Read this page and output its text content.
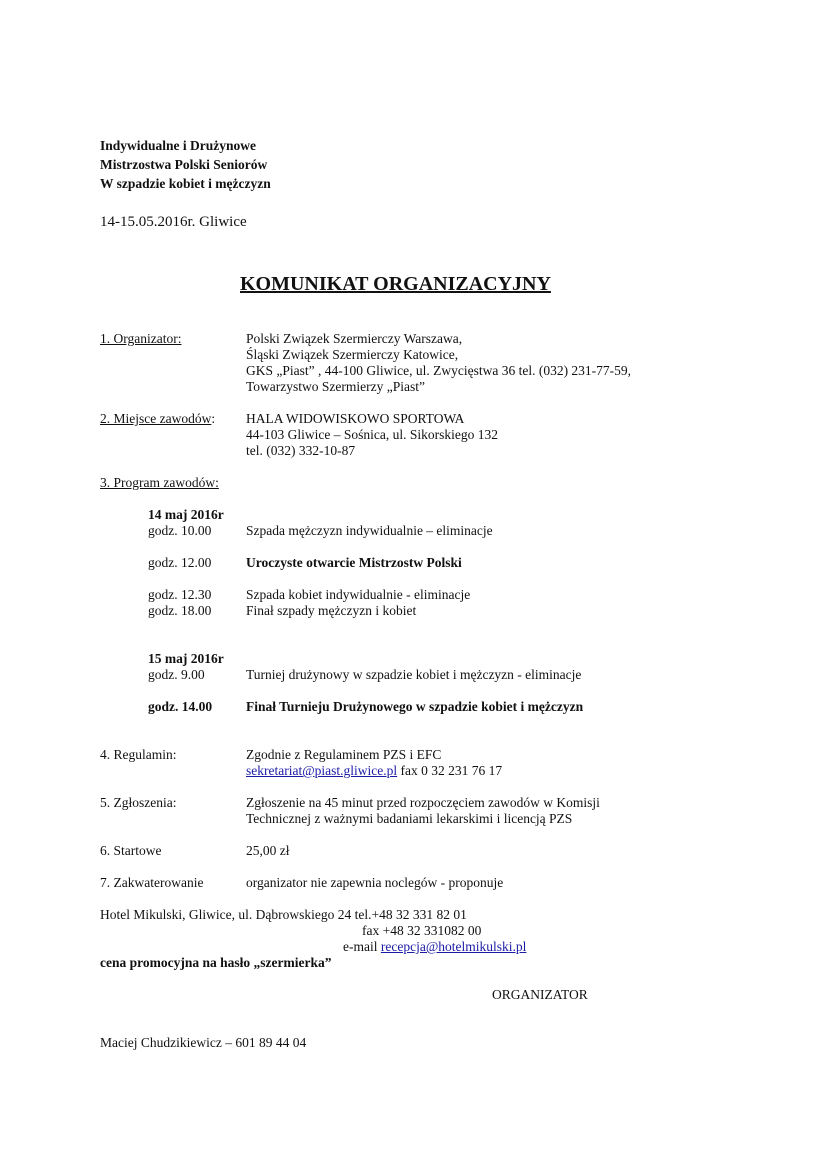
Indywidualne i Drużynowe
Mistrzostwa Polski Seniorów
W szpadzie kobiet i mężczyzn
14-15.05.2016r. Gliwice
KOMUNIKAT ORGANIZACYJNY
1. Organizator:	Polski Związek Szermierczy Warszawa,
Śląski Związek Szermierczy Katowice,
GKS „Piast” , 44-100 Gliwice, ul. Zwycięstwa 36 tel. (032) 231-77-59,
Towarzystwo Szermierzy „Piast”
2. Miejsce zawodów: HALA WIDOWISKOWO SPORTOWA
44-103 Gliwice – Sośnica, ul. Sikorskiego 132
tel. (032) 332-10-87
3. Program zawodów:
14 maj 2016r
godz. 10.00	Szpada mężczyzn indywidualnie – eliminacje
godz. 12.00	Uroczyste otwarcie Mistrzostw Polski
godz. 12.30	Szpada kobiet indywidualnie - eliminacje
godz. 18.00	Finał szpady mężczyzn i kobiet
15 maj 2016r
godz. 9.00	Turniej drużynowy w szpadzie kobiet i mężczyzn - eliminacje
godz. 14.00	Finał Turnieju Drużynowego w szpadzie kobiet i mężczyzn
4. Regulamin:	Zgodnie z Regulaminem PZS i EFC
sekretariat@piast.gliwice.pl fax 0 32 231 76 17
5. Zgłoszenia:	Zgłoszenie na 45 minut przed rozpoczęciem zawodów w Komisji
Technicznej z ważnymi badaniami lekarskimi i licencją PZS
6. Startowe	25,00 zł
7. Zakwaterowanie	organizator nie zapewnia noclegów - proponuje
Hotel Mikulski, Gliwice, ul. Dąbrowskiego 24 tel.+48 32 331 82 01
fax +48 32 331082 00
e-mail recepcja@hotelmikulski.pl
cena promocyjna na hasło „szermierka”
ORGANIZATOR
Maciej Chudzikiewicz – 601 89 44 04
